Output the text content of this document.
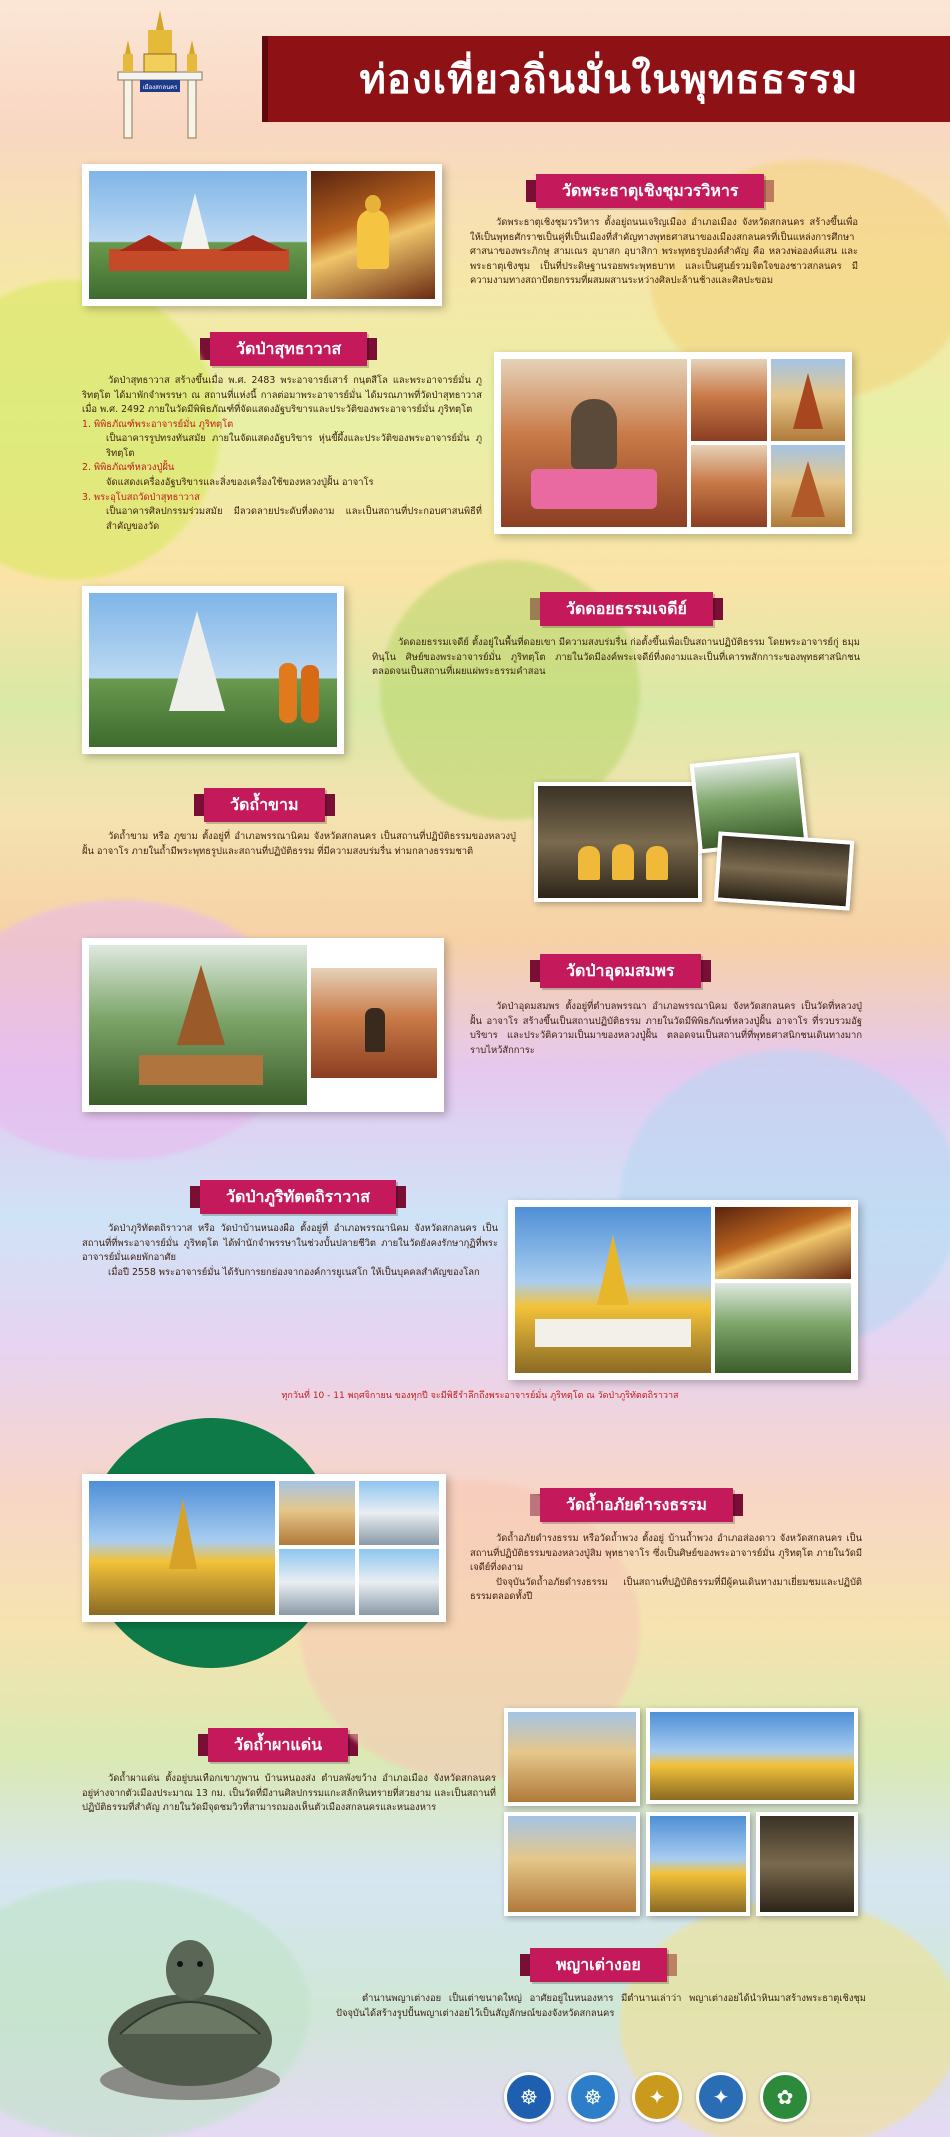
เมืองสกลนคร	ท่องเที่ยวถิ่นมั่นในพุทธธรรม
วัดพระธาตุเชิงชุมวรวิหาร
วัดพระธาตุเชิงชุมวรวิหาร ตั้งอยู่ถนนเจริญเมือง อำเภอเมือง จังหวัดสกลนคร สร้างขึ้นเพื่อให้เป็นพุทธศักราชเป็นคู่ที่เป็นเมืองที่สำคัญทางพุทธศาสนาของเมืองสกลนครที่เป็นแหล่งการศึกษาศาสนาของพระภิกษุ สามเณร อุบาสก อุบาสิกา พระพุทธรูปองค์สำคัญ คือ หลวงพ่อองค์แสน และพระธาตุเชิงชุม เป็นที่ประดิษฐานรอยพระพุทธบาท และเป็นศูนย์รวมจิตใจของชาวสกลนคร มีความงามทางสถาปัตยกรรมที่ผสมผสานระหว่างศิลปะล้านช้างและศิลปะขอม
วัดป่าสุทธาวาส
วัดป่าสุทธาวาส สร้างขึ้นเมื่อ พ.ศ. 2483 พระอาจารย์เสาร์ กนฺตสีโล และพระอาจารย์มั่น ภูริทตฺโต ได้มาพักจำพรรษา ณ สถานที่แห่งนี้ กาลต่อมาพระอาจารย์มั่น ได้มรณภาพที่วัดป่าสุทธาวาส เมื่อ พ.ศ. 2492 ภายในวัดมีพิพิธภัณฑ์ที่จัดแสดงอัฐบริขารและประวัติของพระอาจารย์มั่น ภูริทตฺโต
1. พิพิธภัณฑ์พระอาจารย์มั่น ภูริทตฺโต
เป็นอาคารรูปทรงทันสมัย ภายในจัดแสดงอัฐบริขาร หุ่นขี้ผึ้งและประวัติของพระอาจารย์มั่น ภูริทตฺโต
2. พิพิธภัณฑ์หลวงปู่ฝั้น
จัดแสดงเครื่องอัฐบริขารและสิ่งของเครื่องใช้ของหลวงปู่ฝั้น อาจาโร
3. พระอุโบสถวัดป่าสุทธาวาส
เป็นอาคารศิลปกรรมร่วมสมัย มีลวดลายประดับที่งดงาม และเป็นสถานที่ประกอบศาสนพิธีที่สำคัญของวัด
วัดดอยธรรมเจดีย์
วัดดอยธรรมเจดีย์ ตั้งอยู่ในพื้นที่ดอยเขา มีความสงบร่มรื่น ก่อตั้งขึ้นเพื่อเป็นสถานปฏิบัติธรรม โดยพระอาจารย์กู่ ธมฺมทินฺโน ศิษย์ของพระอาจารย์มั่น ภูริทตฺโต ภายในวัดมีองค์พระเจดีย์ที่งดงามและเป็นที่เคารพสักการะของพุทธศาสนิกชน ตลอดจนเป็นสถานที่เผยแผ่พระธรรมคำสอน
วัดถ้ำขาม
วัดถ้ำขาม หรือ ภูขาม ตั้งอยู่ที่ อำเภอพรรณานิคม จังหวัดสกลนคร เป็นสถานที่ปฏิบัติธรรมของหลวงปู่ฝั้น อาจาโร ภายในถ้ำมีพระพุทธรูปและสถานที่ปฏิบัติธรรม ที่มีความสงบร่มรื่น ท่ามกลางธรรมชาติ
วัดป่าอุดมสมพร
วัดป่าอุดมสมพร ตั้งอยู่ที่ตำบลพรรณา อำเภอพรรณานิคม จังหวัดสกลนคร เป็นวัดที่หลวงปู่ฝั้น อาจาโร สร้างขึ้นเป็นสถานปฏิบัติธรรม ภายในวัดมีพิพิธภัณฑ์หลวงปู่ฝั้น อาจาโร ที่รวบรวมอัฐบริขาร และประวัติความเป็นมาของหลวงปู่ฝั้น ตลอดจนเป็นสถานที่ที่พุทธศาสนิกชนเดินทางมากราบไหว้สักการะ
วัดป่าภูริทัตตถิราวาส
วัดป่าภูริทัตตถิราวาส หรือ วัดป่าบ้านหนองผือ ตั้งอยู่ที่ อำเภอพรรณานิคม จังหวัดสกลนคร เป็นสถานที่ที่พระอาจารย์มั่น ภูริทตฺโต ได้พำนักจำพรรษาในช่วงบั้นปลายชีวิต ภายในวัดยังคงรักษากุฏิที่พระอาจารย์มั่นเคยพักอาศัย
เมื่อปี 2558 พระอาจารย์มั่น ได้รับการยกย่องจากองค์การยูเนสโก ให้เป็นบุคคลสำคัญของโลก
ทุกวันที่ 10 - 11 พฤศจิกายน ของทุกปี จะมีพิธีรำลึกถึงพระอาจารย์มั่น ภูริทตฺโต ณ วัดป่าภูริทัตตถิราวาส
วัดถ้ำอภัยดำรงธรรม
วัดถ้ำอภัยดำรงธรรม หรือวัดถ้ำพวง ตั้งอยู่ บ้านถ้ำพวง อำเภอส่องดาว จังหวัดสกลนคร เป็นสถานที่ปฏิบัติธรรมของหลวงปู่สิม พุทธาจาโร ซึ่งเป็นศิษย์ของพระอาจารย์มั่น ภูริทตฺโต ภายในวัดมีเจดีย์ที่งดงาม
ปัจจุบันวัดถ้ำอภัยดำรงธรรม เป็นสถานที่ปฏิบัติธรรมที่มีผู้คนเดินทางมาเยี่ยมชมและปฏิบัติธรรมตลอดทั้งปี
วัดถ้ำผาแด่น
วัดถ้ำผาแด่น ตั้งอยู่บนเทือกเขาภูพาน บ้านหนองส่ง ตำบลพังขว้าง อำเภอเมือง จังหวัดสกลนคร อยู่ห่างจากตัวเมืองประมาณ 13 กม. เป็นวัดที่มีงานศิลปกรรมแกะสลักหินทรายที่สวยงาม และเป็นสถานที่ปฏิบัติธรรมที่สำคัญ ภายในวัดมีจุดชมวิวที่สามารถมองเห็นตัวเมืองสกลนครและหนองหาร
พญาเต่างอย
ตำนานพญาเต่างอย เป็นเต่าขนาดใหญ่ อาศัยอยู่ในหนองหาร มีตำนานเล่าว่า พญาเต่างอยได้นำหินมาสร้างพระธาตุเชิงชุม ปัจจุบันได้สร้างรูปปั้นพญาเต่างอยไว้เป็นสัญลักษณ์ของจังหวัดสกลนคร
☸	☸	✦	✦	✿
